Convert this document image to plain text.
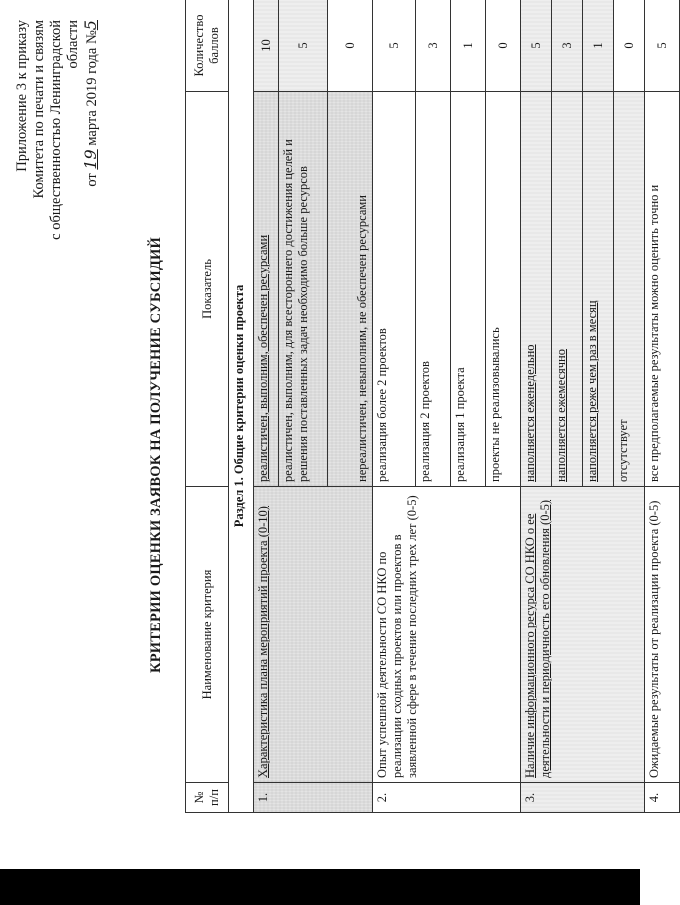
Приложение 3 к приказу Комитета по печати и связям с общественностью Ленинградской области
от 19 марта 2019 года №5
КРИТЕРИИ ОЦЕНКИ ЗАЯВОК НА ПОЛУЧЕНИЕ СУБСИДИЙ
№ п/п	Наименование критерия	Показатель	Количество баллов
Раздел 1. Общие критерии оценки проекта			
1.	Характеристика плана мероприятий проекта (0-10)	реалистичен, выполним, обеспечен ресурсами	10
		реалистичен, выполним, для всестороннего достижения целей и решения поставленных задач необходимо больше ресурсов	5
		нереалистичен, невыполним, не обеспечен ресурсами	0
2.	Опыт успешной деятельности СО НКО по реализации сходных проектов или проектов в заявленной сфере в течение последних трех лет (0-5)	реализация более 2 проектов	5
		реализация 2 проектов	3
		реализация 1 проекта	1
		проекты не реализовывались	0
3.	Наличие информационного ресурса СО НКО о ее деятельности и периодичность его обновления (0-5)	наполняется еженедельно	5
		наполняется ежемесячно	3
		наполняется реже чем раз в месяц	1
		отсутствует	0
4.	Ожидаемые результаты от реализации проекта (0-5)	все предполагаемые результаты можно оценить точно и	5
